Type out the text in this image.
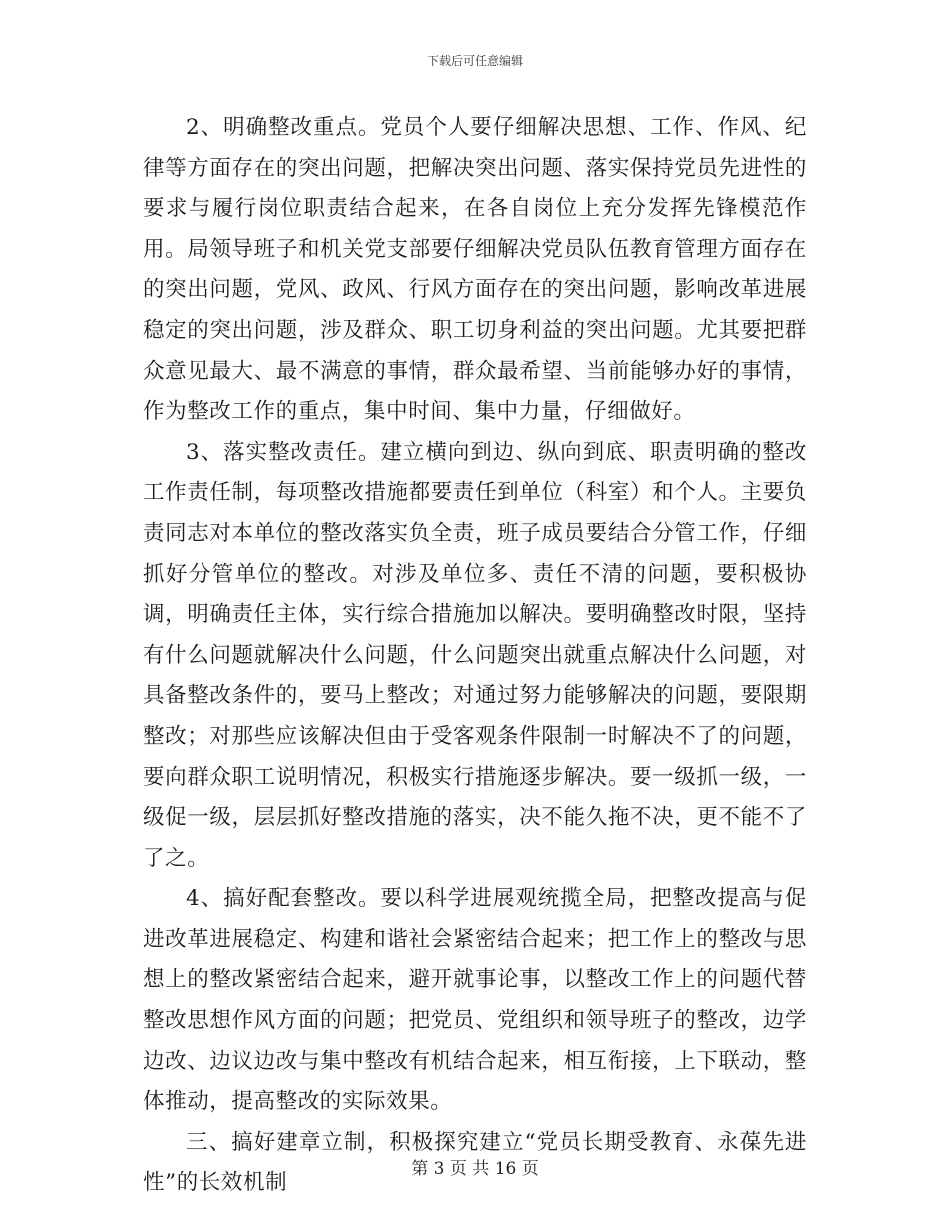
下载后可任意编辑

2、明确整改重点。党员个人要仔细解决思想、工作、作风、纪律等方面存在的突出问题，把解决突出问题、落实保持党员先进性的要求与履行岗位职责结合起来，在各自岗位上充分发挥先锋模范作用。局领导班子和机关党支部要仔细解决党员队伍教育管理方面存在的突出问题，党风、政风、行风方面存在的突出问题，影响改革进展稳定的突出问题，涉及群众、职工切身利益的突出问题。尤其要把群众意见最大、最不满意的事情，群众最希望、当前能够办好的事情，作为整改工作的重点，集中时间、集中力量，仔细做好。

3、落实整改责任。建立横向到边、纵向到底、职责明确的整改工作责任制，每项整改措施都要责任到单位（科室）和个人。主要负责同志对本单位的整改落实负全责，班子成员要结合分管工作，仔细抓好分管单位的整改。对涉及单位多、责任不清的问题，要积极协调，明确责任主体，实行综合措施加以解决。要明确整改时限，坚持有什么问题就解决什么问题，什么问题突出就重点解决什么问题，对具备整改条件的，要马上整改；对通过努力能够解决的问题，要限期整改；对那些应该解决但由于受客观条件限制一时解决不了的问题，要向群众职工说明情况，积极实行措施逐步解决。要一级抓一级，一级促一级，层层抓好整改措施的落实，决不能久拖不决，更不能不了了之。

4、搞好配套整改。要以科学进展观统揽全局，把整改提高与促进改革进展稳定、构建和谐社会紧密结合起来；把工作上的整改与思想上的整改紧密结合起来，避开就事论事，以整改工作上的问题代替整改思想作风方面的问题；把党员、党组织和领导班子的整改，边学边改、边议边改与集中整改有机结合起来，相互衔接，上下联动，整体推动，提高整改的实际效果。

三、搞好建章立制，积极探究建立“党员长期受教育、永葆先进性”的长效机制

第 3 页 共 16 页
